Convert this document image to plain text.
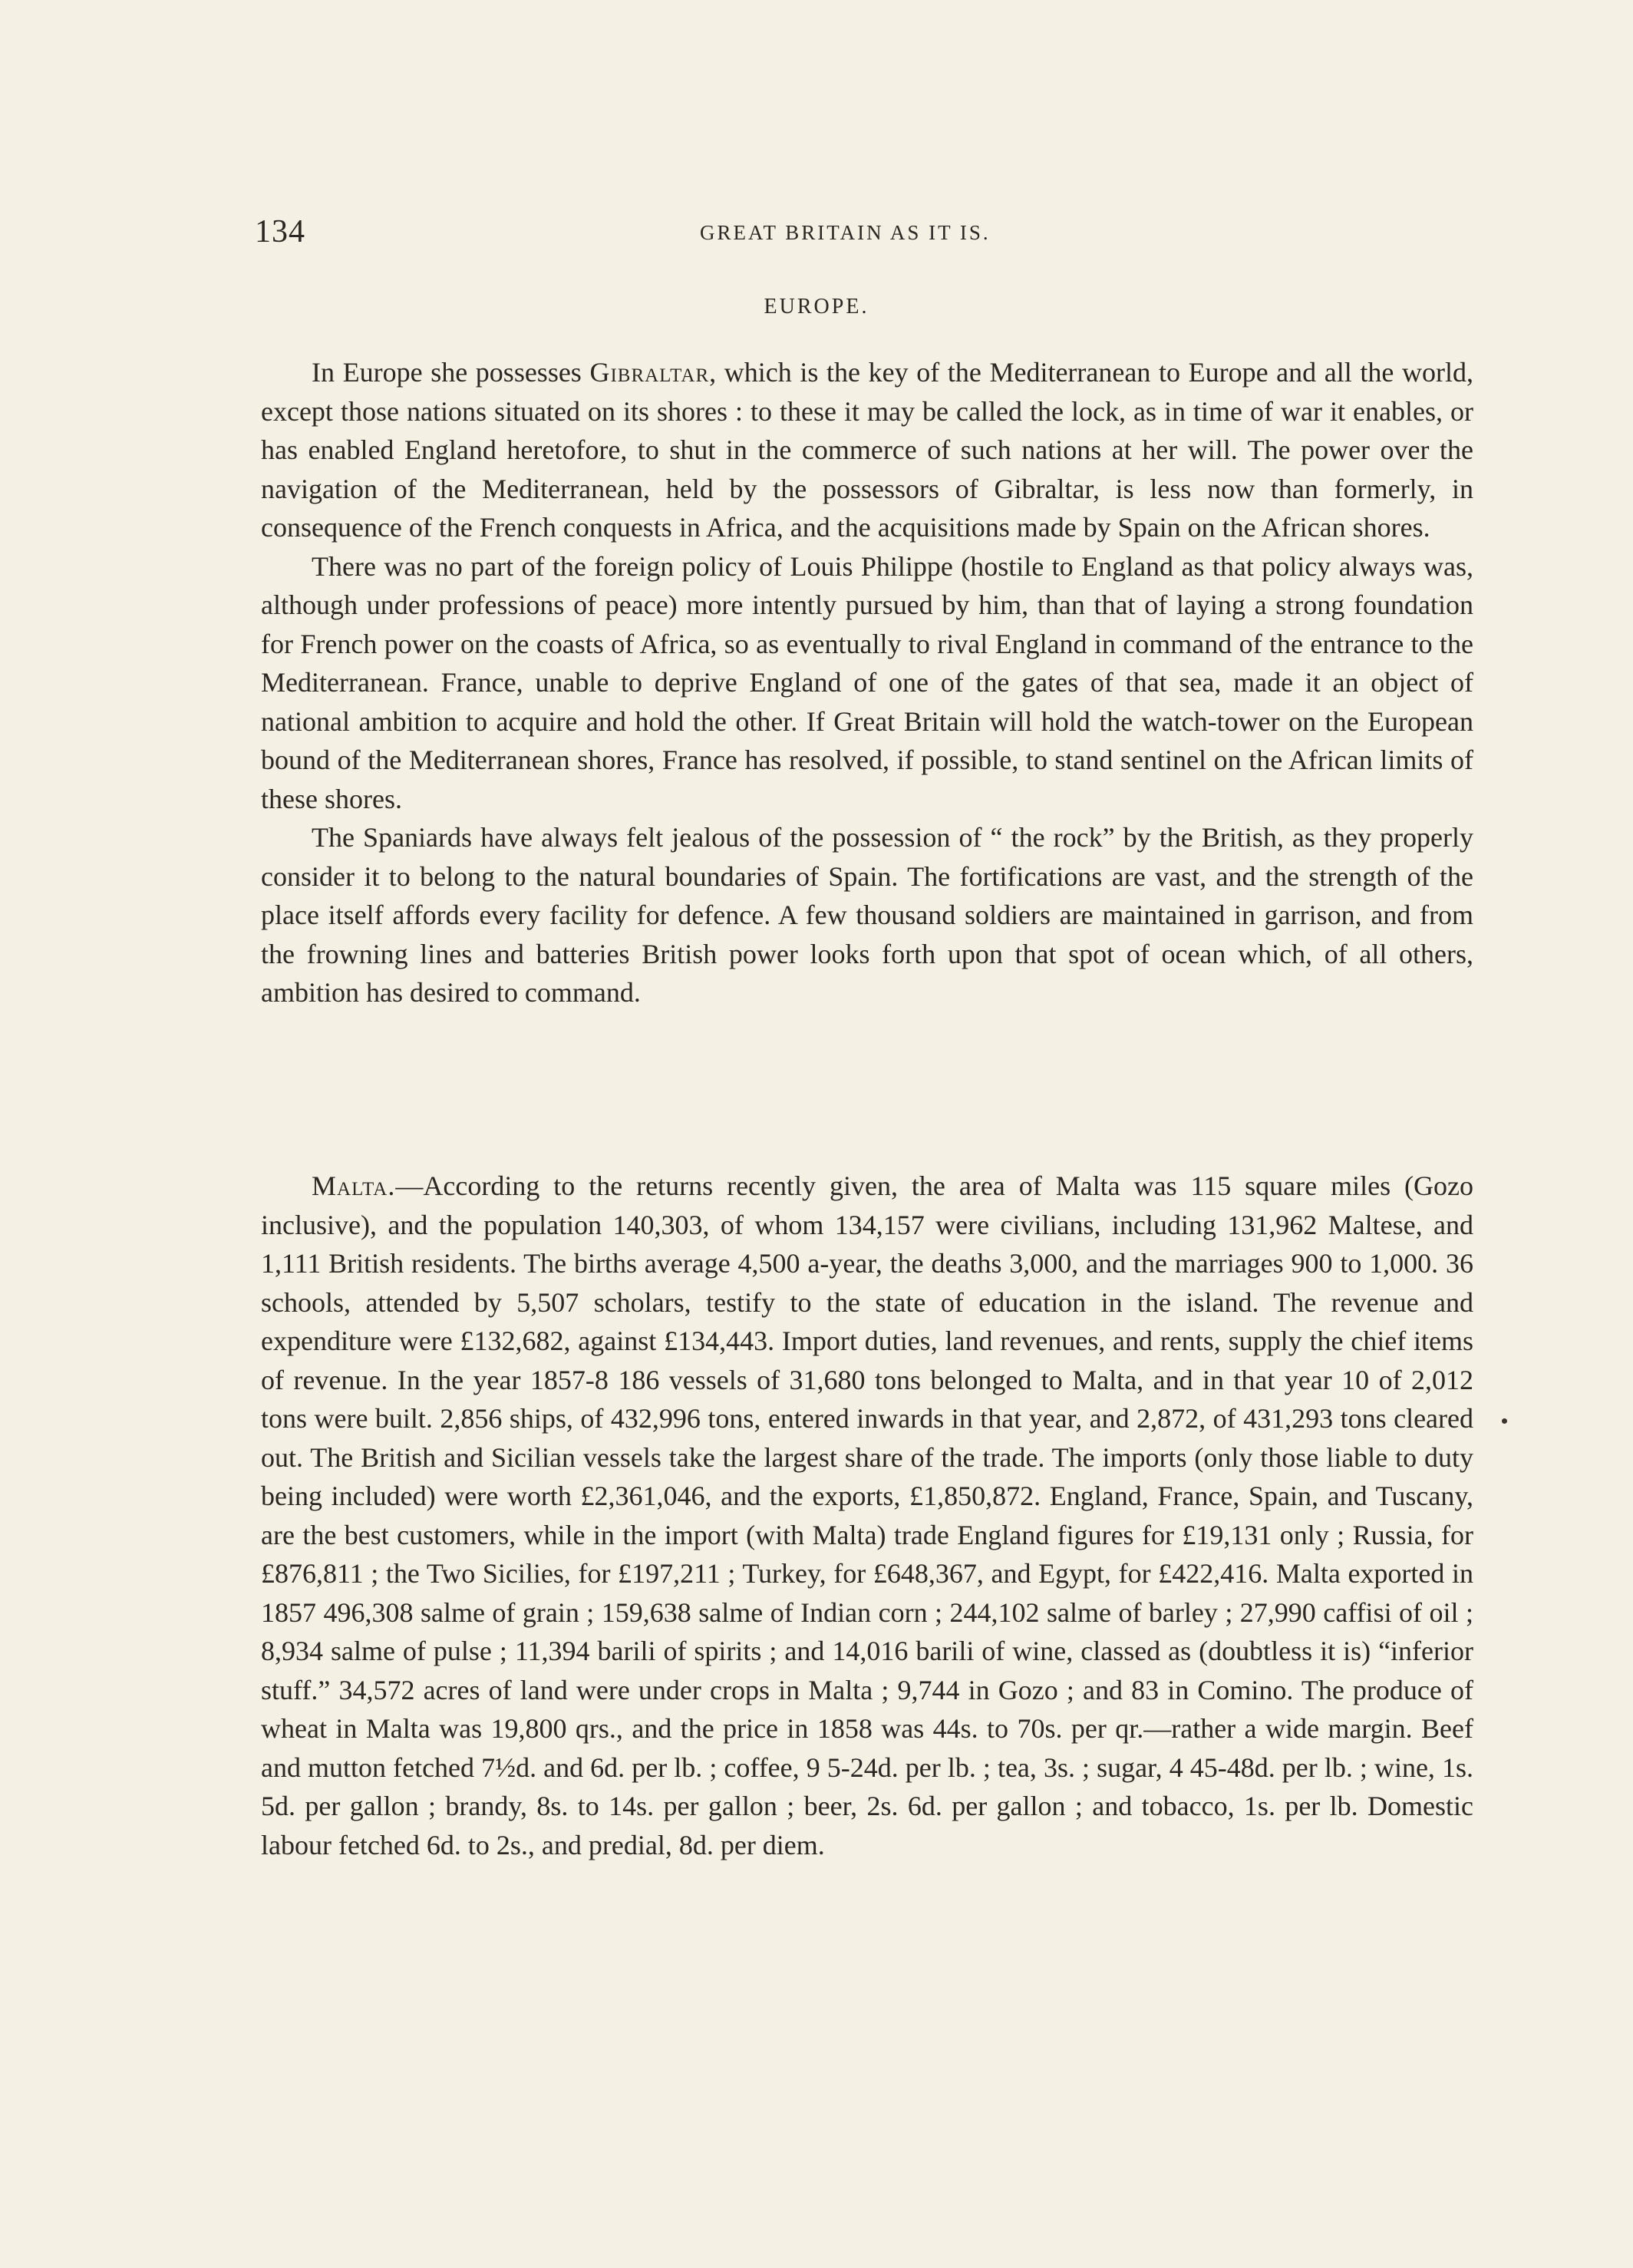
134	GREAT BRITAIN AS IT IS.
EUROPE.

In Europe she possesses Gibraltar, which is the key of the Mediterranean to Europe and all the world, except those nations situated on its shores : to these it may be called the lock, as in time of war it enables, or has enabled England heretofore, to shut in the commerce of such nations at her will. The power over the navigation of the Mediterranean, held by the possessors of Gibraltar, is less now than formerly, in consequence of the French conquests in Africa, and the acquisitions made by Spain on the African shores.

There was no part of the foreign policy of Louis Philippe (hostile to England as that policy always was, although under professions of peace) more intently pursued by him, than that of laying a strong foundation for French power on the coasts of Africa, so as eventually to rival England in command of the entrance to the Mediterranean. France, unable to deprive England of one of the gates of that sea, made it an object of national ambition to acquire and hold the other. If Great Britain will hold the watch-tower on the European bound of the Mediterranean shores, France has resolved, if possible, to stand sentinel on the African limits of these shores.

The Spaniards have always felt jealous of the possession of “ the rock” by the British, as they properly consider it to belong to the natural boundaries of Spain. The fortifications are vast, and the strength of the place itself affords every facility for defence. A few thousand soldiers are maintained in garrison, and from the frowning lines and batteries British power looks forth upon that spot of ocean which, of all others, ambition has desired to command.

Malta.—According to the returns recently given, the area of Malta was 115 square miles (Gozo inclusive), and the population 140,303, of whom 134,157 were civilians, including 131,962 Maltese, and 1,111 British residents. The births average 4,500 a-year, the deaths 3,000, and the marriages 900 to 1,000. 36 schools, attended by 5,507 scholars, testify to the state of education in the island. The revenue and expenditure were £132,682, against £134,443. Import duties, land revenues, and rents, supply the chief items of revenue. In the year 1857-8 186 vessels of 31,680 tons belonged to Malta, and in that year 10 of 2,012 tons were built. 2,856 ships, of 432,996 tons, entered inwards in that year, and 2,872, of 431,293 tons cleared out. The British and Sicilian vessels take the largest share of the trade. The imports (only those liable to duty being included) were worth £2,361,046, and the exports, £1,850,872. England, France, Spain, and Tuscany, are the best customers, while in the import (with Malta) trade England figures for £19,131 only ; Russia, for £876,811 ; the Two Sicilies, for £197,211 ; Turkey, for £648,367, and Egypt, for £422,416. Malta exported in 1857 496,308 salme of grain ; 159,638 salme of Indian corn ; 244,102 salme of barley ; 27,990 caffisi of oil ; 8,934 salme of pulse ; 11,394 barili of spirits ; and 14,016 barili of wine, classed as (doubtless it is) “inferior stuff.” 34,572 acres of land were under crops in Malta ; 9,744 in Gozo ; and 83 in Comino. The produce of wheat in Malta was 19,800 qrs., and the price in 1858 was 44s. to 70s. per qr.—rather a wide margin. Beef and mutton fetched 7½d. and 6d. per lb. ; coffee, 9 5-24d. per lb. ; tea, 3s. ; sugar, 4 45-48d. per lb. ; wine, 1s. 5d. per gallon ; brandy, 8s. to 14s. per gallon ; beer, 2s. 6d. per gallon ; and tobacco, 1s. per lb. Domestic labour fetched 6d. to 2s., and predial, 8d. per diem.
